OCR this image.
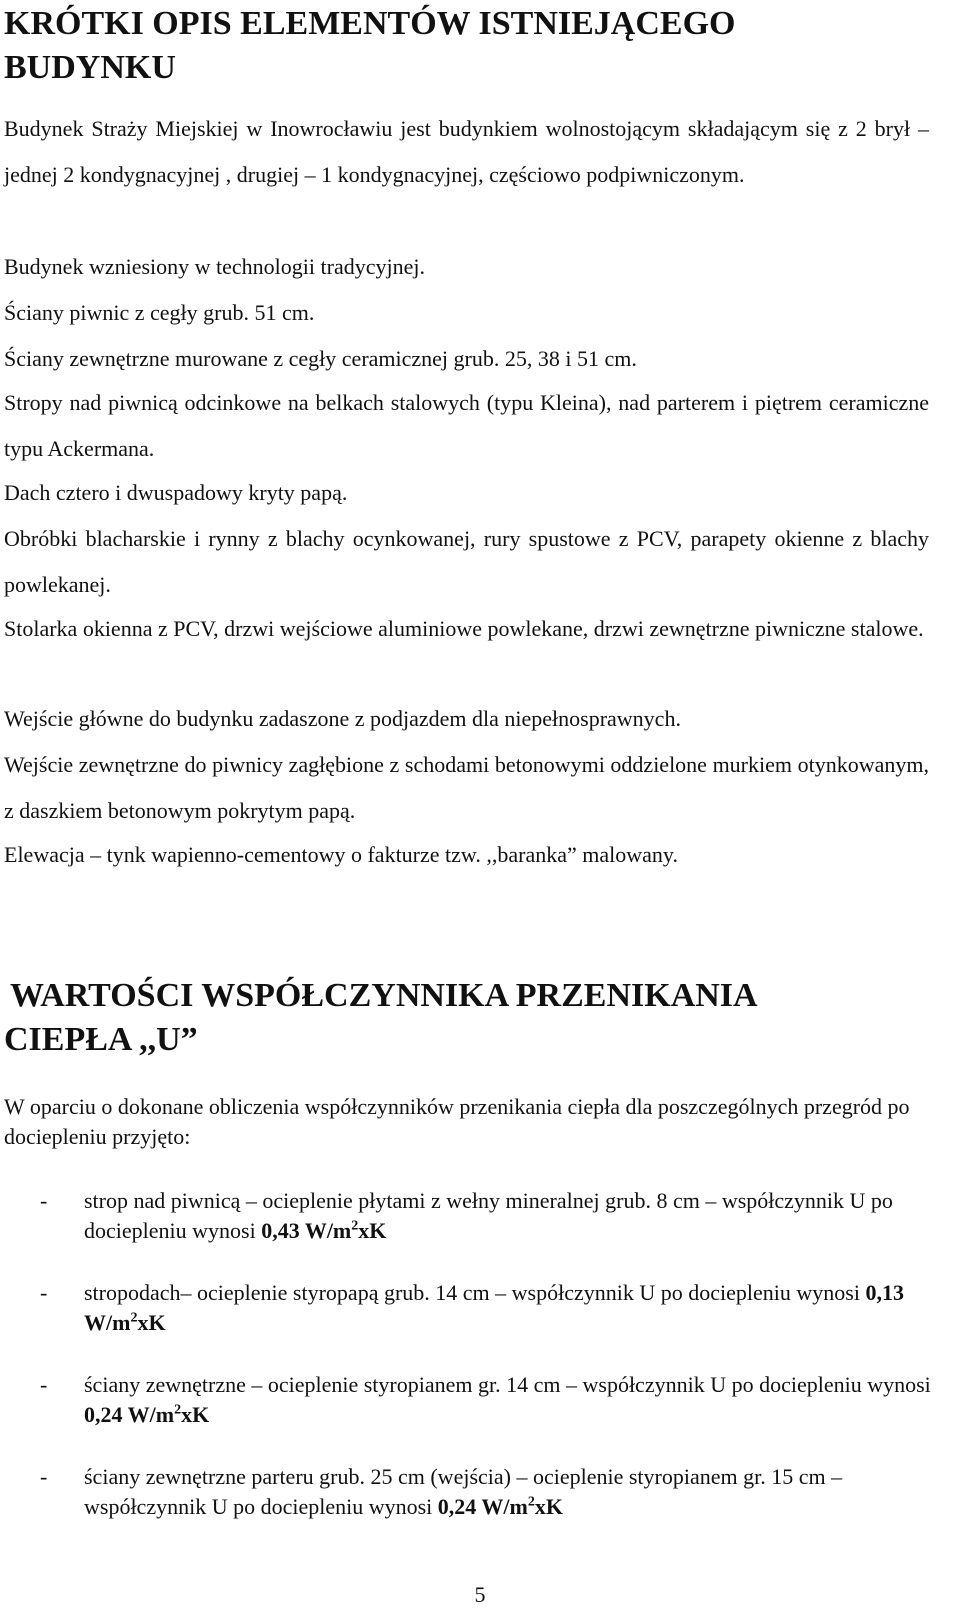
KRÓTKI OPIS ELEMENTÓW ISTNIEJĄCEGO
BUDYNKU

Budynek Straży Miejskiej w Inowrocławiu jest budynkiem wolnostojącym składającym się z 2 brył – jednej 2 kondygnacyjnej , drugiej – 1 kondygnacyjnej, częściowo podpiwniczonym.

Budynek wzniesiony w technologii tradycyjnej.

Ściany piwnic z cegły grub. 51 cm.

Ściany zewnętrzne murowane z cegły ceramicznej grub. 25, 38 i 51 cm.

Stropy nad piwnicą odcinkowe na belkach stalowych (typu Kleina), nad parterem i piętrem ceramiczne typu Ackermana.

Dach cztero i dwuspadowy kryty papą.

Obróbki blacharskie i rynny z blachy ocynkowanej, rury spustowe z PCV, parapety okienne z blachy powlekanej.

Stolarka okienna z PCV, drzwi wejściowe aluminiowe powlekane, drzwi zewnętrzne piwniczne stalowe.

Wejście główne do budynku zadaszone z podjazdem dla niepełnosprawnych.

Wejście zewnętrzne do piwnicy zagłębione z schodami betonowymi oddzielone murkiem otynkowanym, z daszkiem betonowym pokrytym papą.

Elewacja – tynk wapienno-cementowy o fakturze tzw. ,,baranka” malowany.

WARTOŚCI WSPÓŁCZYNNIKA PRZENIKANIA
CIEPŁA ,,U”

W oparciu o dokonane obliczenia współczynników przenikania ciepła dla poszczególnych przegród po dociepleniu przyjęto:

- strop nad piwnicą – ocieplenie płytami z wełny mineralnej grub. 8 cm – współczynnik U po dociepleniu wynosi 0,43 $W/m^2xK$
- stropodach– ocieplenie styropapą grub. 14 cm – współczynnik U po dociepleniu wynosi 0,13 $W/m^2xK$
- ściany zewnętrzne – ocieplenie styropianem gr. 14 cm – współczynnik U po dociepleniu wynosi 0,24 $W/m^2xK$
- ściany zewnętrzne parteru grub. 25 cm (wejścia) – ocieplenie styropianem gr. 15 cm – współczynnik U po dociepleniu wynosi 0,24 $W/m^2xK$
5
